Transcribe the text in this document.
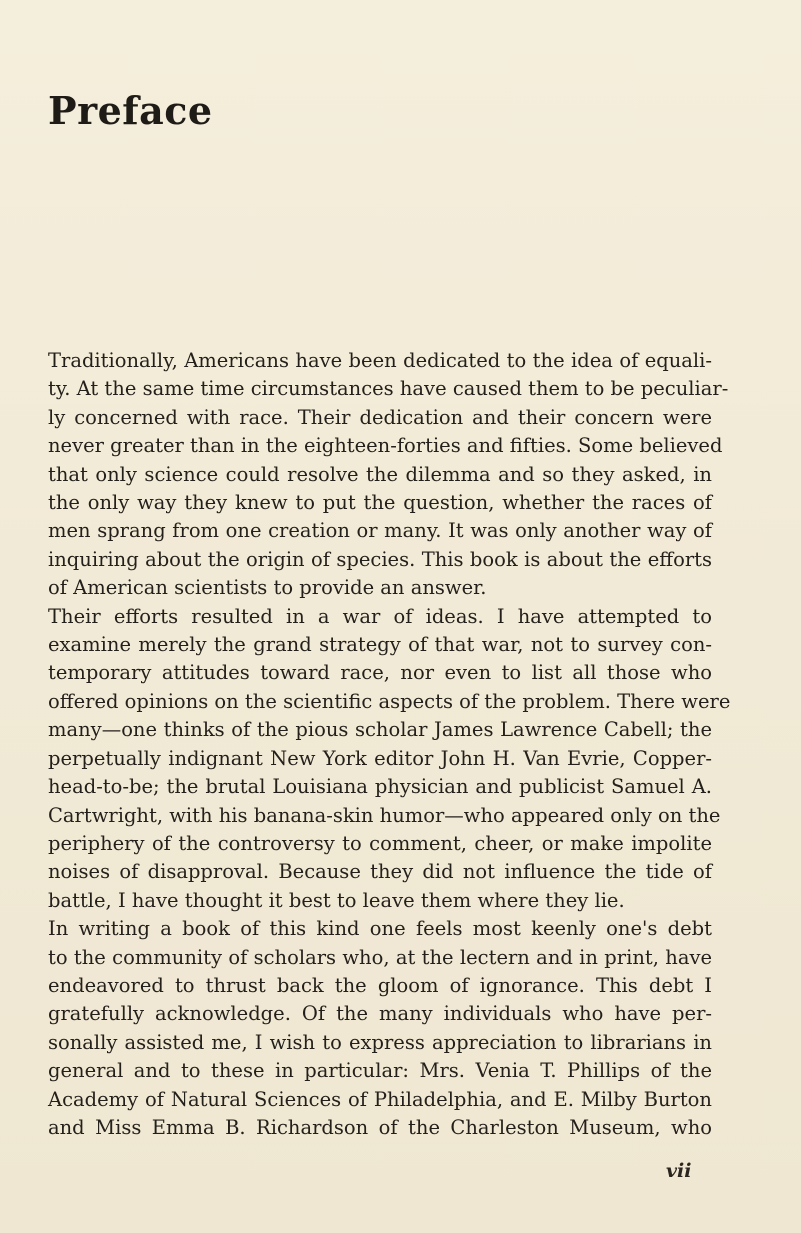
Preface

Traditionally, Americans have been dedicated to the idea of equali-
ty. At the same time circumstances have caused them to be peculiar-
ly concerned with race. Their dedication and their concern were
never greater than in the eighteen-forties and fifties. Some believed
that only science could resolve the dilemma and so they asked, in
the only way they knew to put the question, whether the races of
men sprang from one creation or many. It was only another way of
inquiring about the origin of species. This book is about the efforts
of American scientists to provide an answer.

Their efforts resulted in a war of ideas. I have attempted to
examine merely the grand strategy of that war, not to survey con-
temporary attitudes toward race, nor even to list all those who
offered opinions on the scientific aspects of the problem. There were
many—one thinks of the pious scholar James Lawrence Cabell; the
perpetually indignant New York editor John H. Van Evrie, Copper-
head-to-be; the brutal Louisiana physician and publicist Samuel A.
Cartwright, with his banana-skin humor—who appeared only on the
periphery of the controversy to comment, cheer, or make impolite
noises of disapproval. Because they did not influence the tide of
battle, I have thought it best to leave them where they lie.

In writing a book of this kind one feels most keenly one's debt
to the community of scholars who, at the lectern and in print, have
endeavored to thrust back the gloom of ignorance. This debt I
gratefully acknowledge. Of the many individuals who have per-
sonally assisted me, I wish to express appreciation to librarians in
general and to these in particular: Mrs. Venia T. Phillips of the
Academy of Natural Sciences of Philadelphia, and E. Milby Burton
and Miss Emma B. Richardson of the Charleston Museum, who

vii
